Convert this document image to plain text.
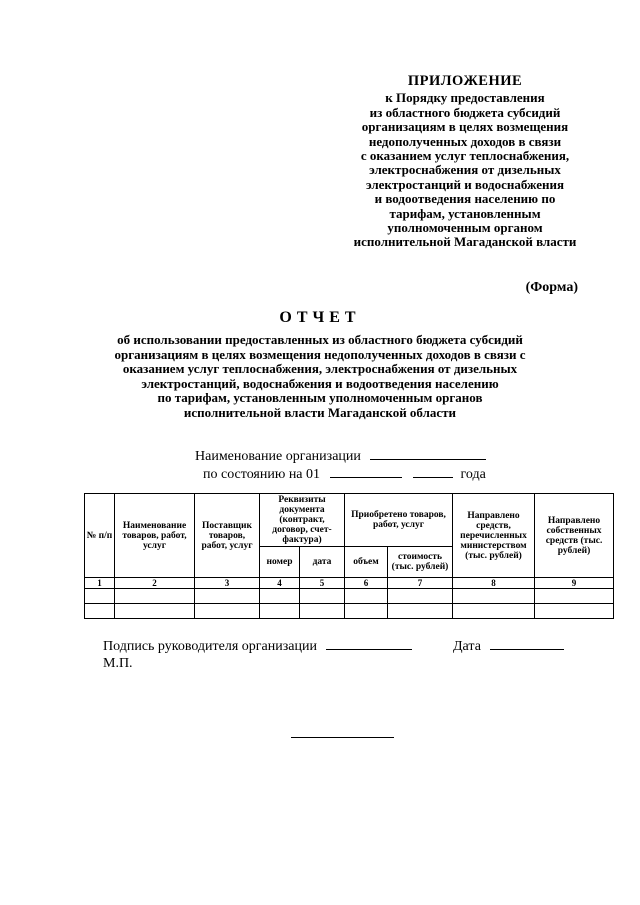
ПРИЛОЖЕНИЕ
к Порядку предоставления
из областного бюджета субсидий
организациям в целях возмещения
недополученных доходов в связи
с оказанием услуг теплоснабжения,
электроснабжения от дизельных
электростанций и водоснабжения
и водоотведения населению по
тарифам, установленным
уполномоченным органом
исполнительной Магаданской власти
(Форма)
ОТЧЕТ
об использовании предоставленных из областного бюджета субсидий
организациям в целях возмещения недополученных доходов в связи с
оказанием услуг теплоснабжения, электроснабжения от дизельных
электростанций, водоснабжения и водоотведения населению
по тарифам, установленным уполномоченным органов
исполнительной власти Магаданской области
Наименование организации
по состоянию на 01	года
№ п/п	Наименование товаров, работ, услуг	Поставщик товаров, работ, услуг	Реквизиты документа (контракт, договор, счет-фактура)		Приобретено товаров, работ, услуг		Направлено средств, перечисленных министерством (тыс. рублей)	Направлено собственных средств (тыс. рублей)
			номер	дата	объем	стоимость (тыс. рублей)		
1	2	3	4	5	6	7	8	9

Подпись руководителя организации
М.П.
Дата
